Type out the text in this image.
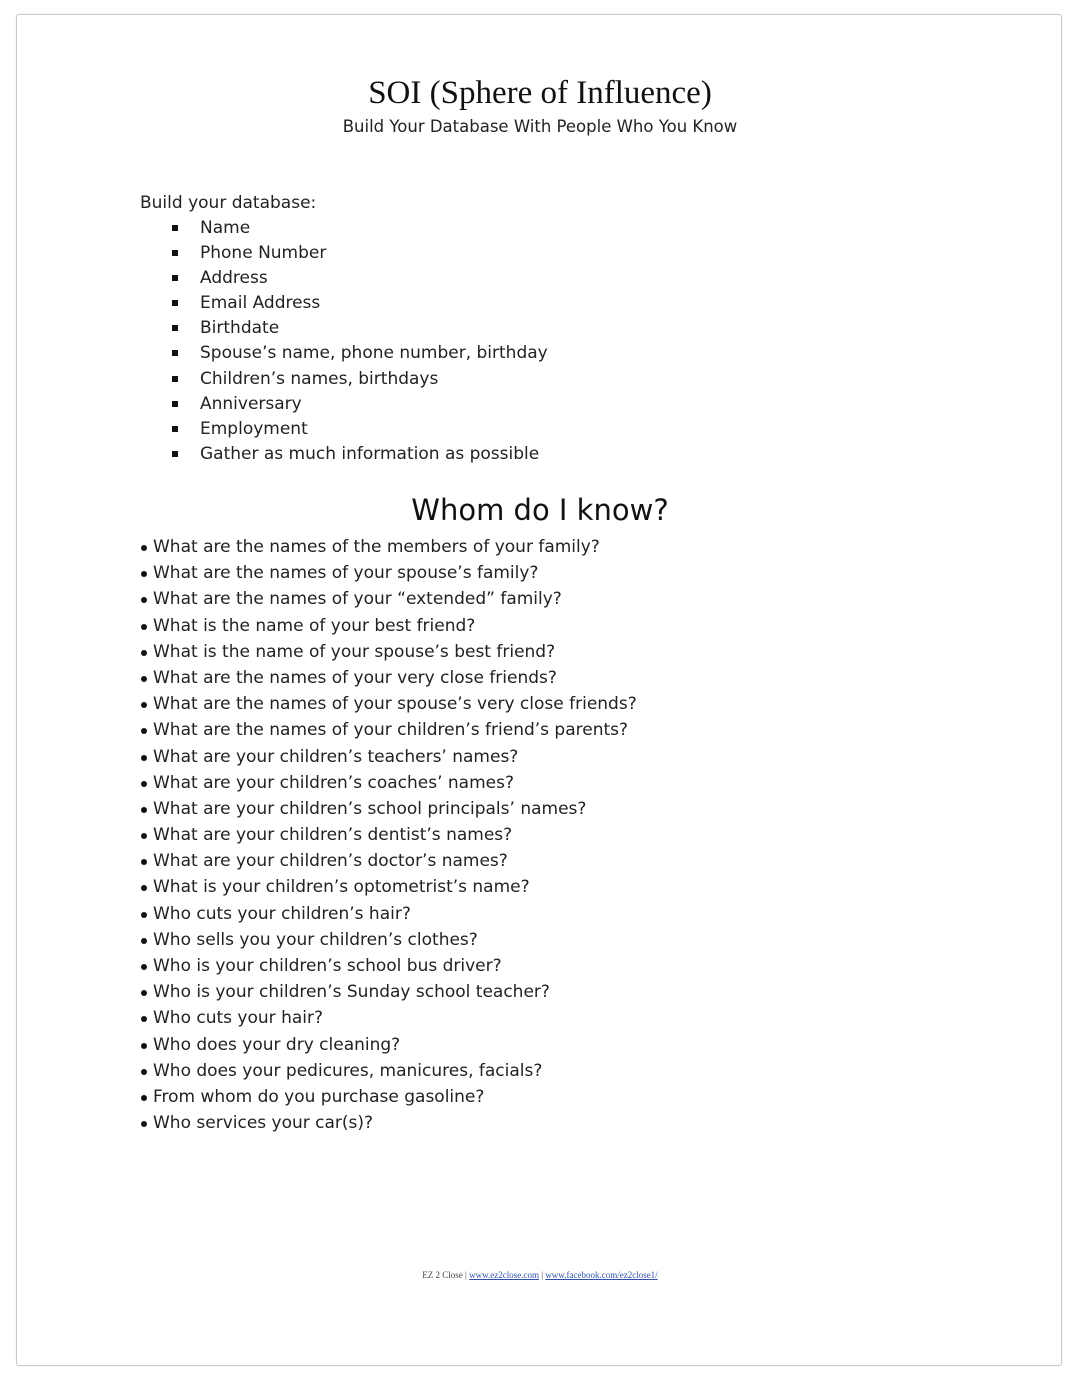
SOI (Sphere of Influence)
Build Your Database With People Who You Know
Build your database:
Name
Phone Number
Address
Email Address
Birthdate
Spouse’s name, phone number, birthday
Children’s names, birthdays
Anniversary
Employment
Gather as much information as possible
Whom do I know?
What are the names of the members of your family?
What are the names of your spouse’s family?
What are the names of your “extended” family?
What is the name of your best friend?
What is the name of your spouse’s best friend?
What are the names of your very close friends?
What are the names of your spouse’s very close friends?
What are the names of your children’s friend’s parents?
What are your children’s teachers’ names?
What are your children’s coaches’ names?
What are your children’s school principals’ names?
What are your children’s dentist’s names?
What are your children’s doctor’s names?
What is your children’s optometrist’s name?
Who cuts your children’s hair?
Who sells you your children’s clothes?
Who is your children’s school bus driver?
Who is your children’s Sunday school teacher?
Who cuts your hair?
Who does your dry cleaning?
Who does your pedicures, manicures, facials?
From whom do you purchase gasoline?
Who services your car(s)?
EZ 2 Close | www.ez2close.com | www.facebook.com/ez2close1/
